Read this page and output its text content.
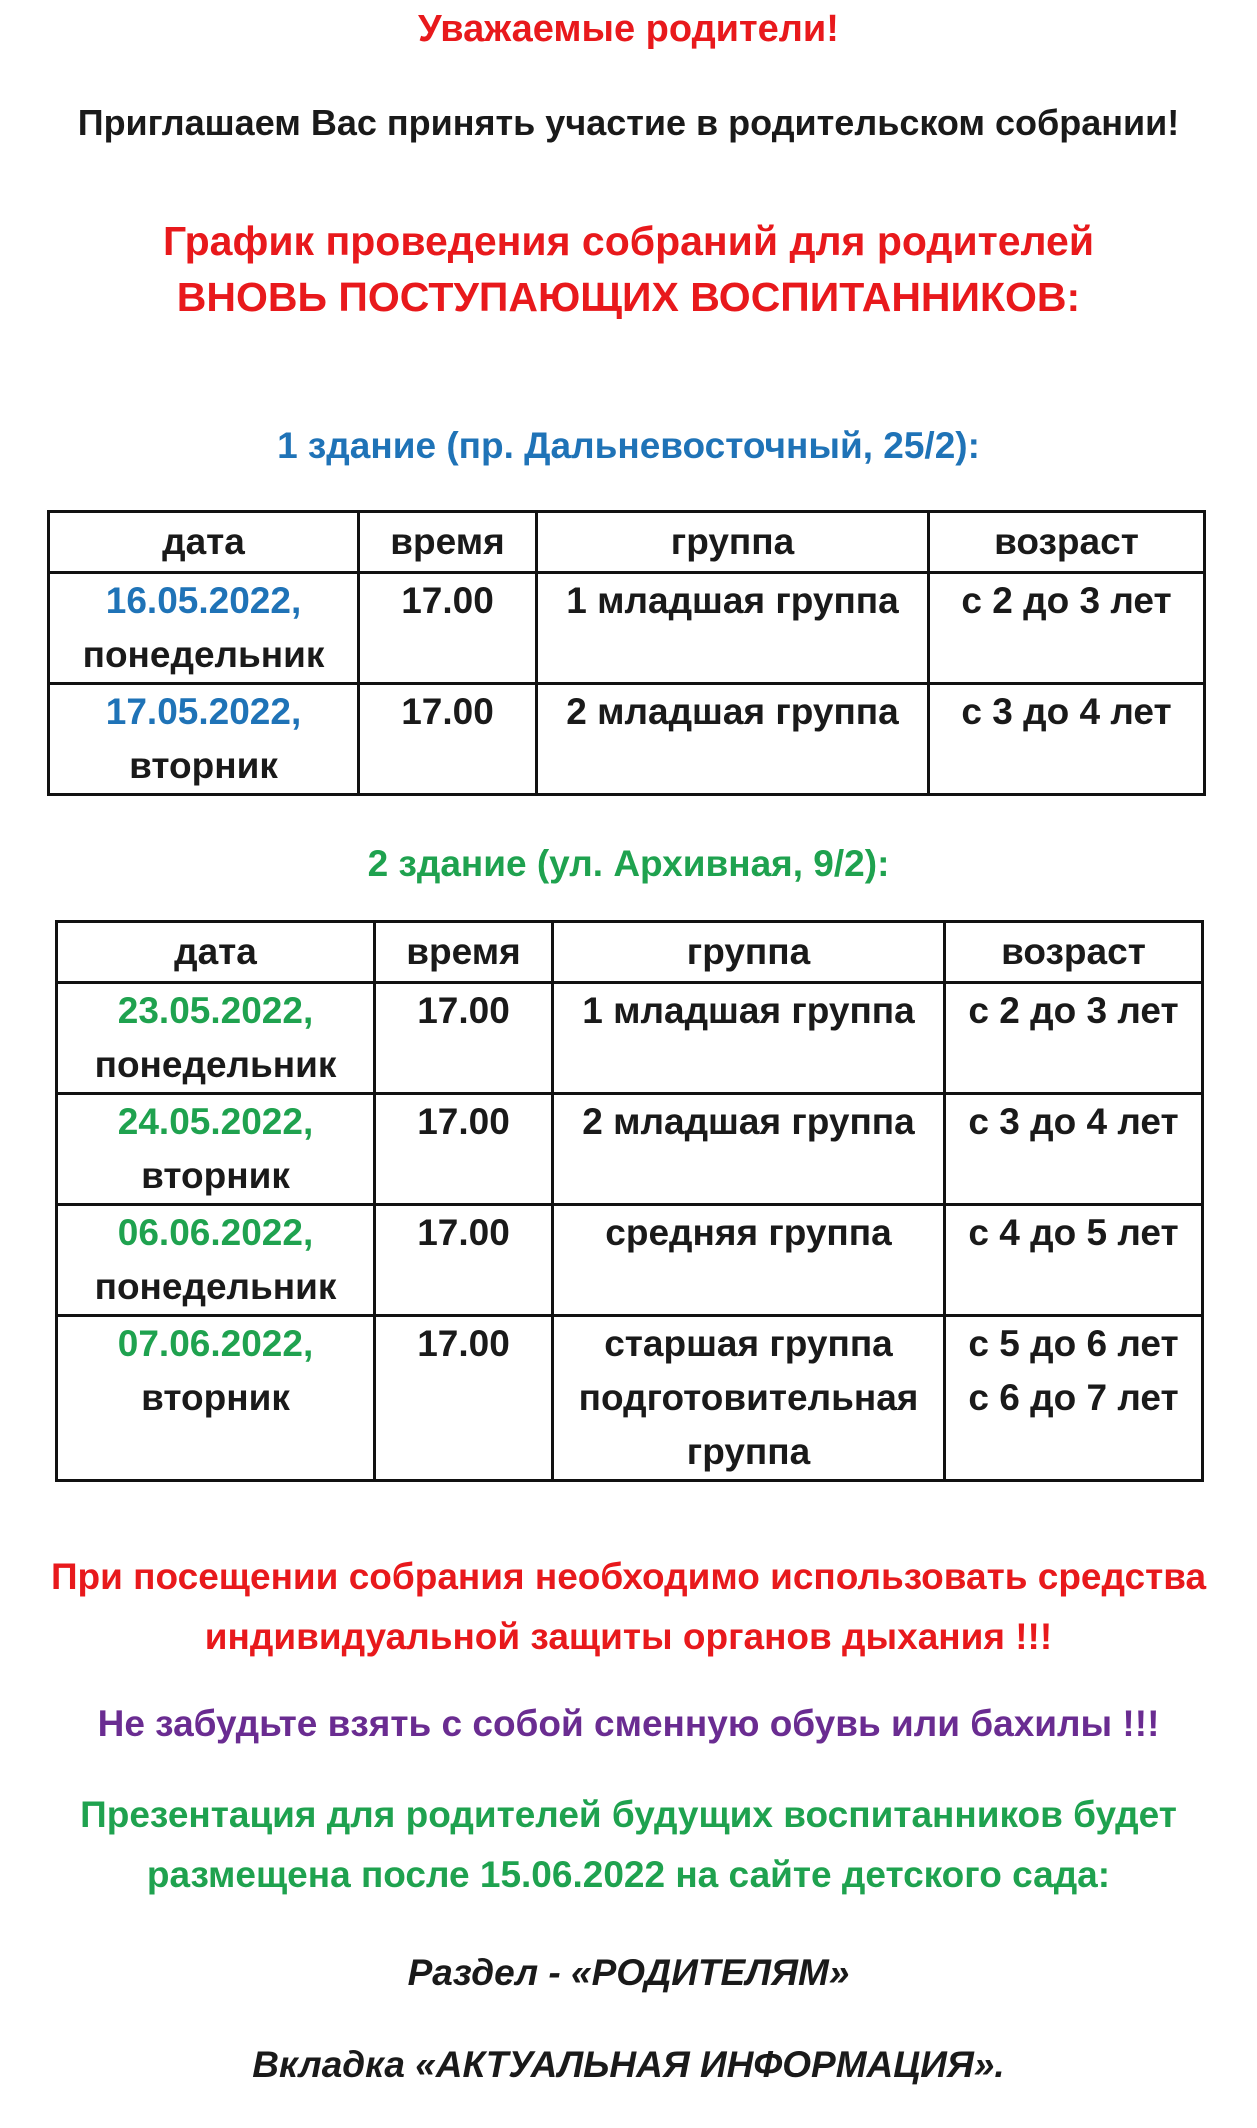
Уважаемые родители!
Приглашаем Вас принять участие в родительском собрании!
График проведения собраний для родителей
ВНОВЬ ПОСТУПАЮЩИХ ВОСПИТАННИКОВ:
1 здание (пр. Дальневосточный, 25/2):
дата	время	группа	возраст

16.05.2022,
понедельник	17.00	1 младшая группа	с 2 до 3 лет

17.05.2022,
вторник	17.00	2 младшая группа	с 3 до 4 лет
2 здание (ул. Архивная, 9/2):
дата	время	группа	возраст

23.05.2022,
понедельник	17.00	1 младшая группа	с 2 до 3 лет

24.05.2022,
вторник	17.00	2 младшая группа	с 3 до 4 лет

06.06.2022,
понедельник	17.00	средняя группа	с 4 до 5 лет

07.06.2022,
вторник	17.00	старшая группа
подготовительная
группа	с 5 до 6 лет
с 6 до 7 лет
При посещении собрания необходимо использовать средства
индивидуальной защиты органов дыхания !!!
Не забудьте взять с собой сменную обувь или бахилы !!!
Презентация для родителей будущих воспитанников будет
размещена после 15.06.2022 на сайте детского сада:
Раздел - «РОДИТЕЛЯМ»
Вкладка «АКТУАЛЬНАЯ ИНФОРМАЦИЯ».
